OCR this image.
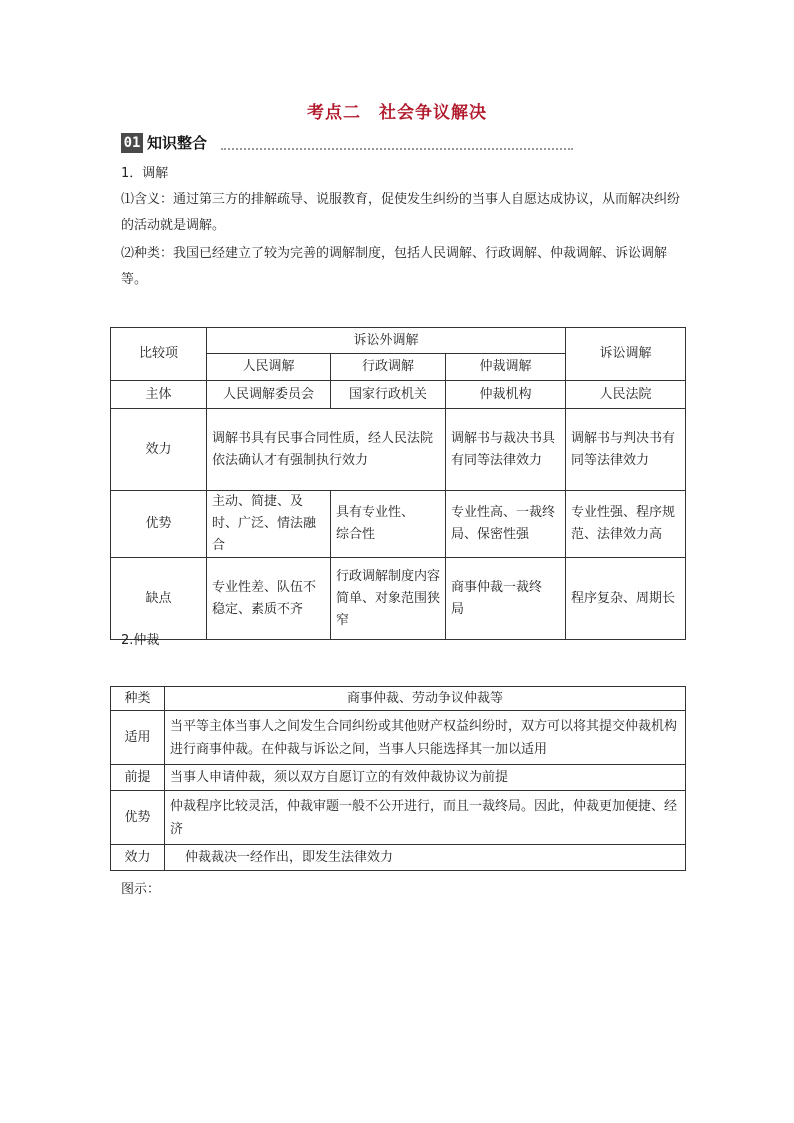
考点二　社会争议解决
01 知识整合
1．调解
⑴含义：通过第三方的排解疏导、说服教育，促使发生纠纷的当事人自愿达成协议，从而解决纠纷的活动就是调解。
⑵种类：我国已经建立了较为完善的调解制度，包括人民调解、行政调解、仲裁调解、诉讼调解等。
比较项	诉讼外调解			诉讼调解
	人民调解	行政调解	仲裁调解	
主体	人民调解委员会	国家行政机关	仲裁机构	人民法院
效力	调解书具有民事合同性质，经人民法院依法确认才有强制执行效力		调解书与裁决书具有同等法律效力	调解书与判决书有同等法律效力
优势	主动、简捷、及时、广泛、情法融合	具有专业性、综合性	专业性高、一裁终局、保密性强	专业性强、程序规范、法律效力高
缺点	专业性差、队伍不稳定、素质不齐	行政调解制度内容简单、对象范围狭窄	商事仲裁一裁终局	程序复杂、周期长
2.仲裁
种类	商事仲裁、劳动争议仲裁等
适用	当平等主体当事人之间发生合同纠纷或其他财产权益纠纷时，双方可以将其提交仲裁机构进行商事仲裁。在仲裁与诉讼之间，当事人只能选择其一加以适用
前提	当事人申请仲裁，须以双方自愿订立的有效仲裁协议为前提
优势	仲裁程序比较灵活，仲裁审题一般不公开进行，而且一裁终局。因此，仲裁更加便捷、经济
效力	仲裁裁决一经作出，即发生法律效力
图示：
